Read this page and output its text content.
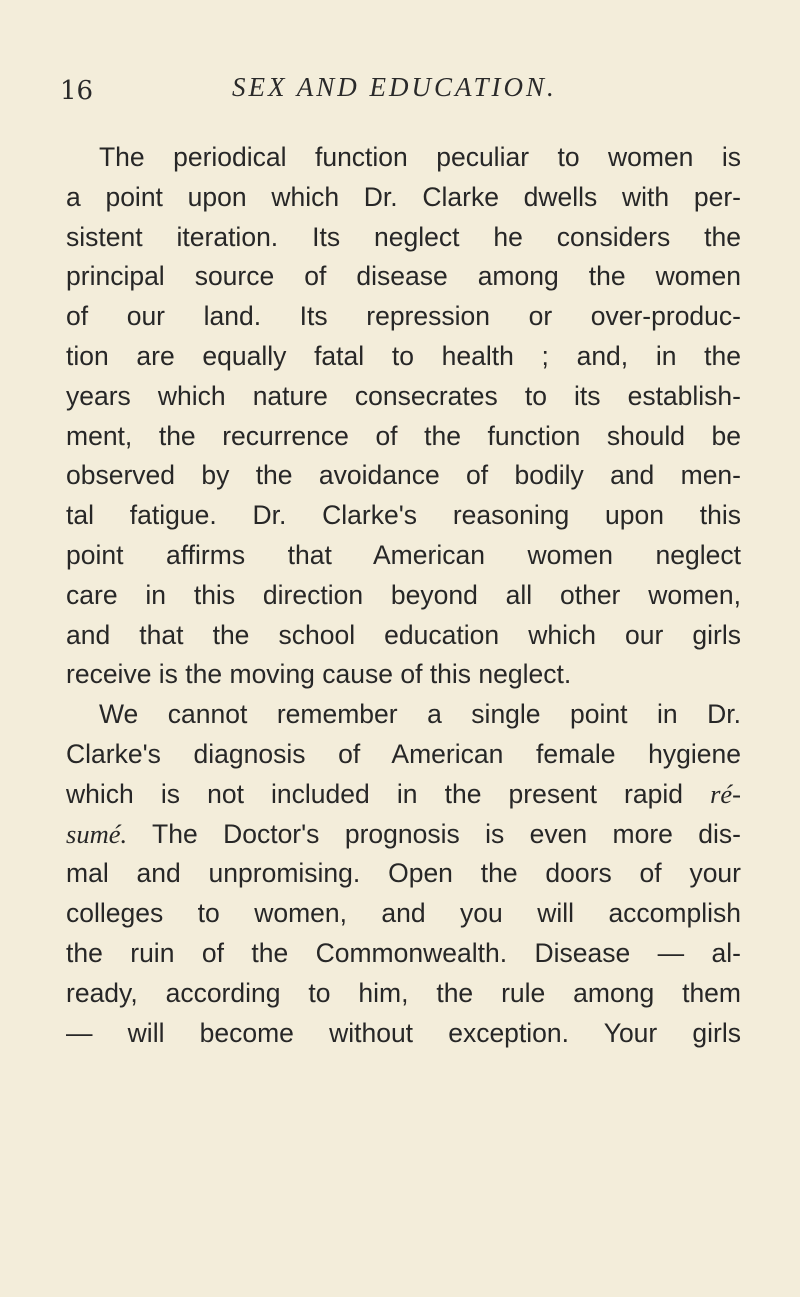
16	SEX AND EDUCATION.
The periodical function peculiar to women is
a point upon which Dr. Clarke dwells with per-
sistent iteration. Its neglect he considers the
principal source of disease among the women
of our land. Its repression or over-produc-
tion are equally fatal to health ; and, in the
years which nature consecrates to its establish-
ment, the recurrence of the function should be
observed by the avoidance of bodily and men-
tal fatigue. Dr. Clarke's reasoning upon this
point affirms that American women neglect
care in this direction beyond all other women,
and that the school education which our girls
receive is the moving cause of this neglect.
We cannot remember a single point in Dr.
Clarke's diagnosis of American female hygiene
which is not included in the present rapid ré-
sumé. The Doctor's prognosis is even more dis-
mal and unpromising. Open the doors of your
colleges to women, and you will accomplish
the ruin of the Commonwealth. Disease — al-
ready, according to him, the rule among them
— will become without exception. Your girls
